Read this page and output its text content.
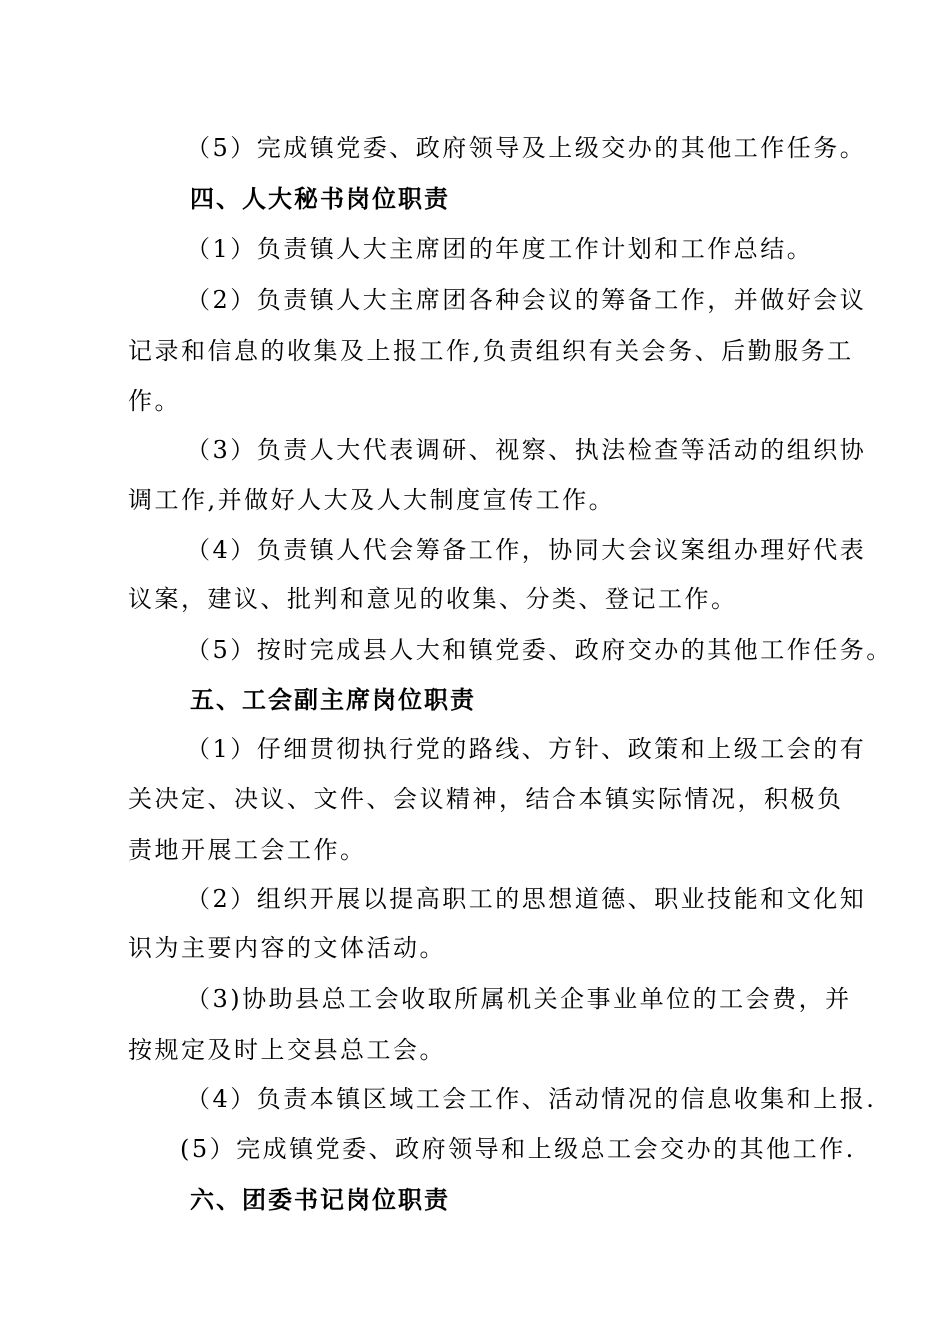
（5）完成镇党委、政府领导及上级交办的其他工作任务。
四、人大秘书岗位职责
（1）负责镇人大主席团的年度工作计划和工作总结。
（2）负责镇人大主席团各种会议的筹备工作，并做好会议
记录和信息的收集及上报工作,负责组织有关会务、后勤服务工
作。
（3）负责人大代表调研、视察、执法检查等活动的组织协
调工作,并做好人大及人大制度宣传工作。
（4）负责镇人代会筹备工作，协同大会议案组办理好代表
议案，建议、批判和意见的收集、分类、登记工作。
（5）按时完成县人大和镇党委、政府交办的其他工作任务。
五、工会副主席岗位职责
（1）仔细贯彻执行党的路线、方针、政策和上级工会的有
关决定、决议、文件、会议精神，结合本镇实际情况，积极负
责地开展工会工作。
（2）组织开展以提高职工的思想道德、职业技能和文化知
识为主要内容的文体活动。
（3)协助县总工会收取所属机关企事业单位的工会费，并
按规定及时上交县总工会。
（4）负责本镇区域工会工作、活动情况的信息收集和上报.
(5）完成镇党委、政府领导和上级总工会交办的其他工作.
六、团委书记岗位职责
